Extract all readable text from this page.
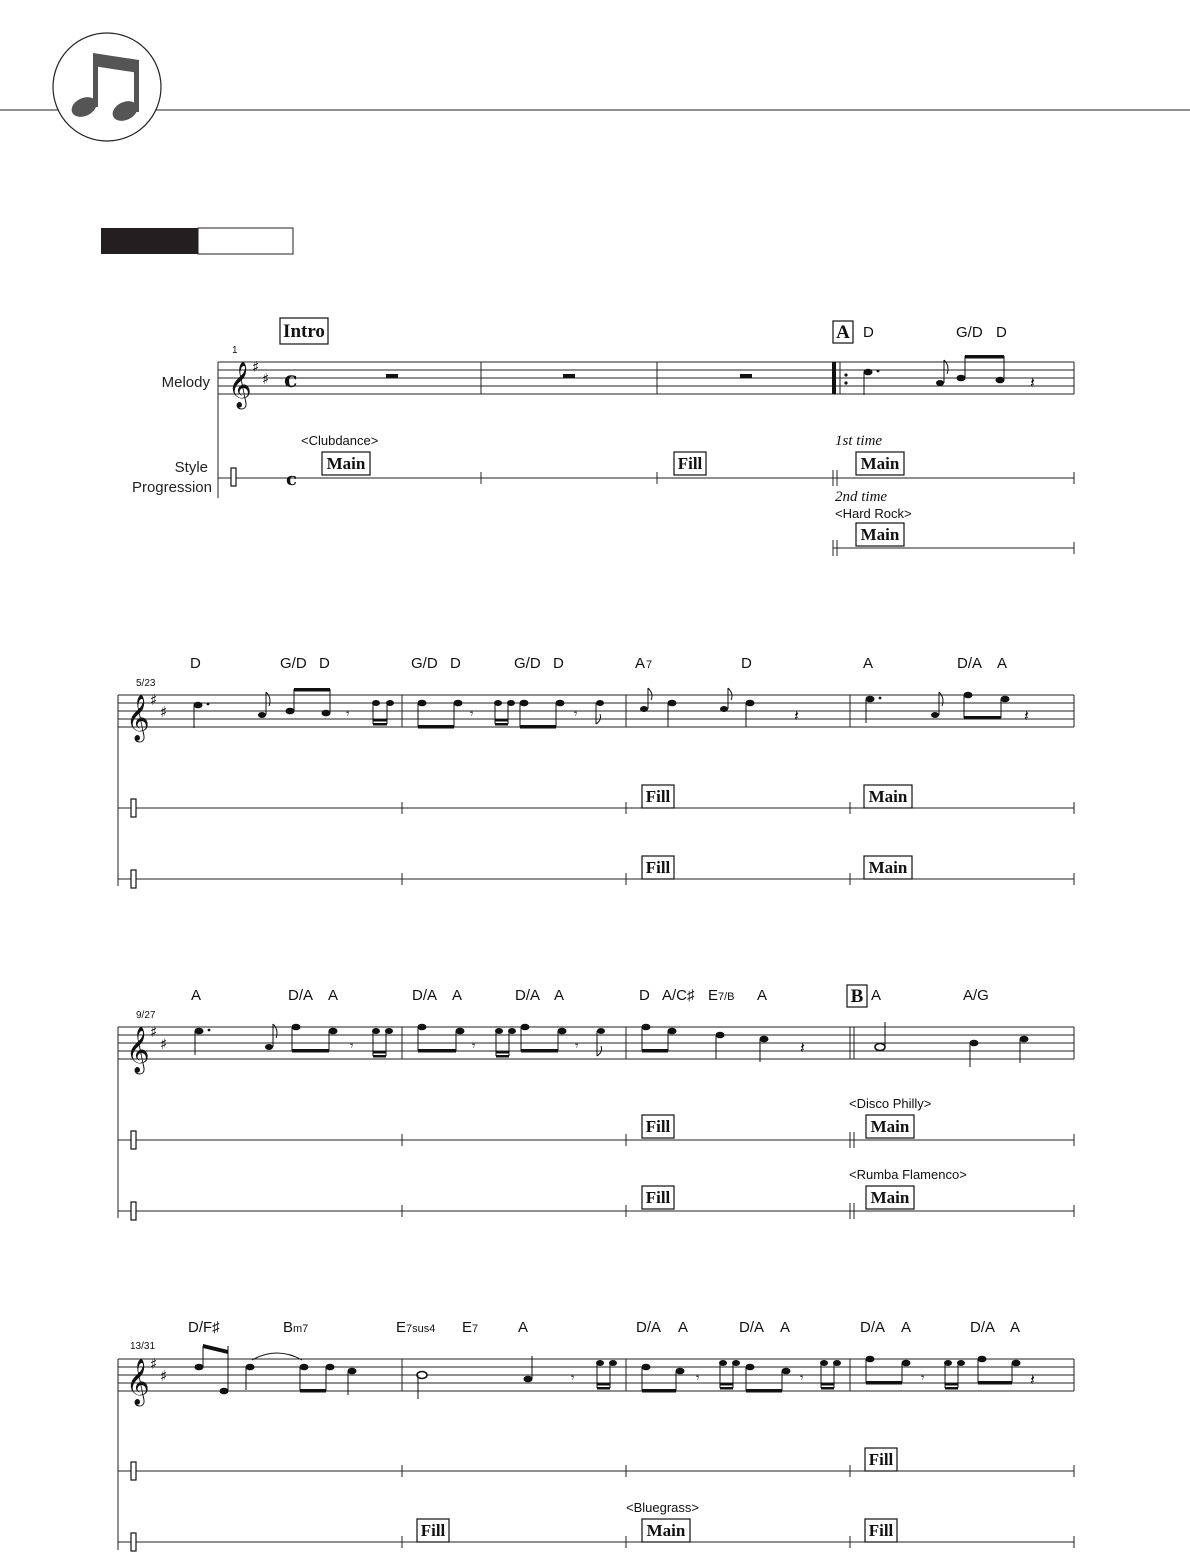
Melody
Style
Progression
1
Intro	A D	G/D D
𝄞 ♯
♯ c	𝄽
c
<Clubdance>
Main	Fill
1st time
Main
2nd time
<Hard Rock>
Main
5/23
D	G/D D	G/D D	G/D D	A 7	D	A	D/A A
𝄞 ♯
♯	𝄾	𝄾	𝄾	𝄽	𝄽
Fill	Main
Fill	Main
9/27
A	D/A A	D/A A	D/A A	D A/C♯ E 7/B A	B A	A/G
𝄞 ♯
♯	𝄾	𝄾	𝄾	𝄽
<Disco Philly>
Fill	Main
<Rumba Flamenco>
Fill	Main
13/31
D/F♯	B m7	E 7sus4 E 7	A	D/A A	D/A A	D/A A	D/A A
𝄞 ♯
♯	𝄾	𝄾	𝄾	𝄾	𝄽
Fill
<Bluegrass>
Fill	Main	Fill
